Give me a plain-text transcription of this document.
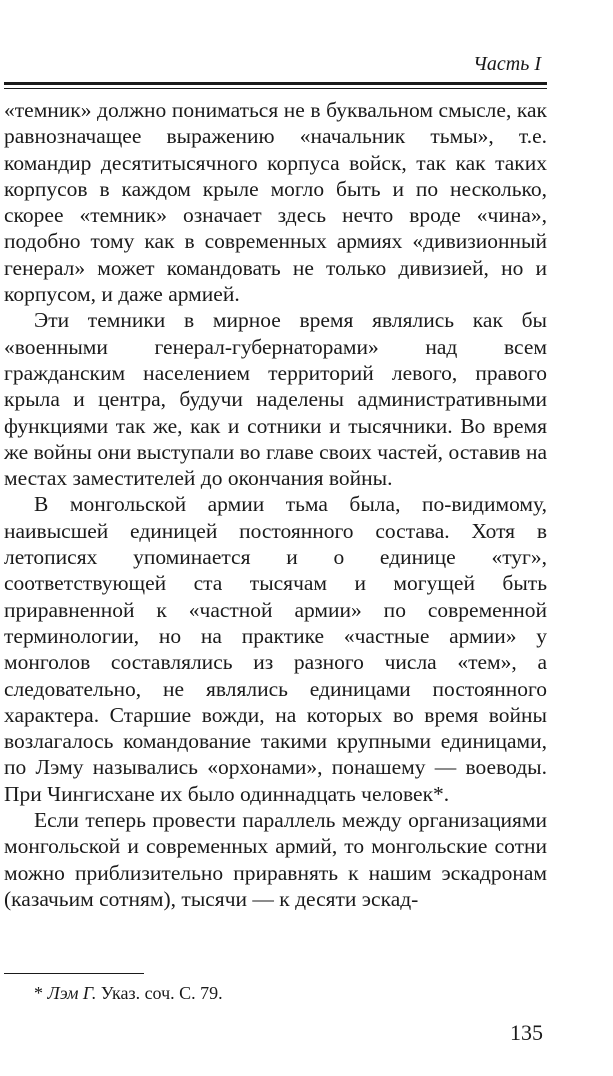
Часть I

«темник» должно пониматься не в буквальном смысле, как равнозначащее выражению «начальник тьмы», т.е. командир десятитысячного корпуса войск, так как таких корпусов в каждом крыле могло быть и по несколько, скорее «темник» означает здесь нечто вроде «чина», подобно тому как в современных армиях «дивизионный генерал» может командовать не только дивизией, но и корпусом, и даже армией.

Эти темники в мирное время являлись как бы «военными генерал-губернаторами» над всем гражданским населением территорий левого, правого крыла и центра, будучи наделены административными функциями так же, как и сотники и тысячники. Во время же войны они выступали во главе своих частей, оставив на местах заместителей до окончания войны.

В монгольской армии тьма была, по-видимому, наивысшей единицей постоянного состава. Хотя в летописях упоминается и о единице «туг», соответствующей ста тысячам и могущей быть приравненной к «частной армии» по современной терминологии, но на практике «частные армии» у монголов составлялись из разного числа «тем», а следовательно, не являлись единицами постоянного характера. Старшие вожди, на которых во время войны возлагалось командование такими крупными единицами, по Лэму назывались «орхонами», понашему — воеводы. При Чингисхане их было одиннадцать человек*.

Если теперь провести параллель между организациями монгольской и современных армий, то монгольские сотни можно приблизительно приравнять к нашим эскадронам (казачьим сотням), тысячи — к десяти эскад-

* Лэм Г. Указ. соч. С. 79.
135
